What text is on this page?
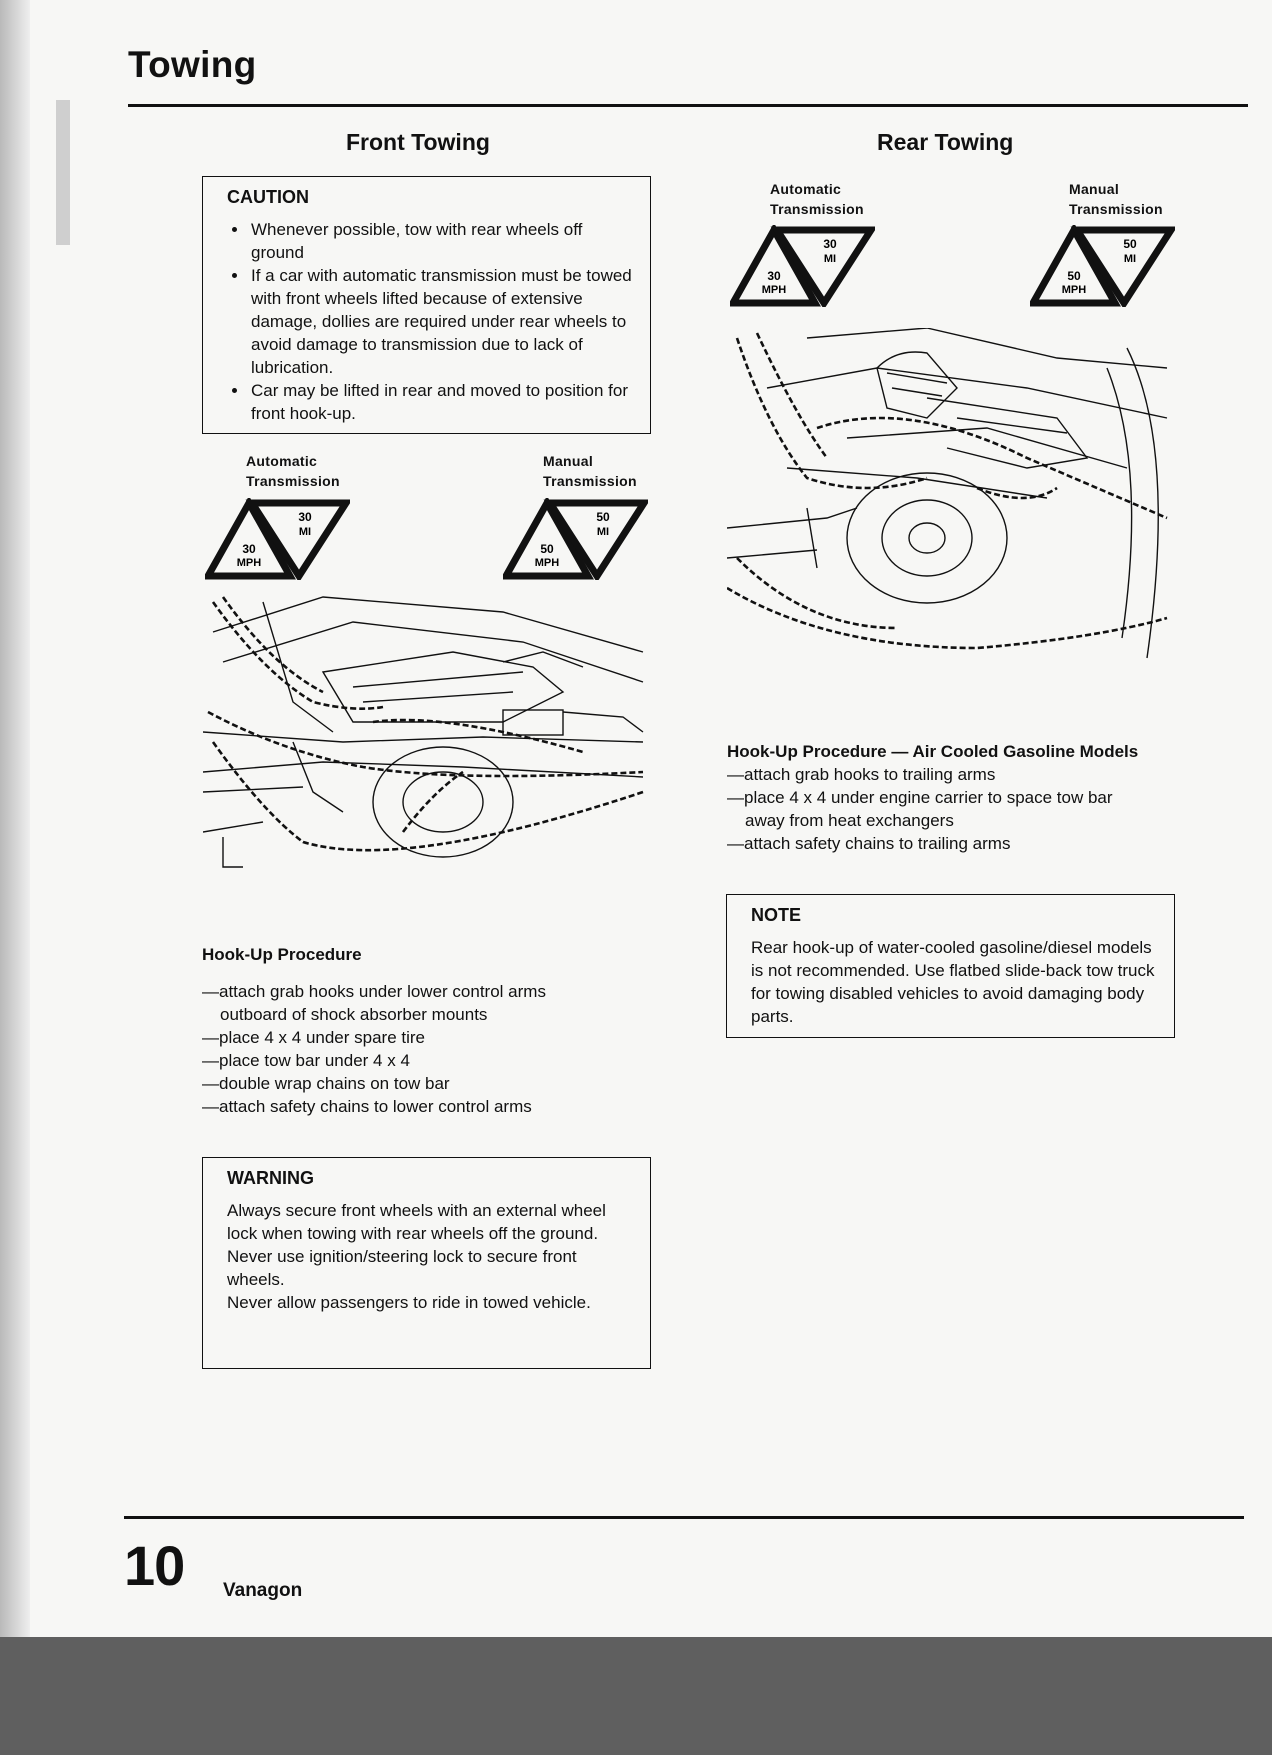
Towing
Front Towing
CAUTION
• Whenever possible, tow with rear wheels off ground
• If a car with automatic transmission must be towed with front wheels lifted because of extensive damage, dollies are required under rear wheels to avoid damage to transmission due to lack of lubrication.
• Car may be lifted in rear and moved to position for front hook-up.
Automatic
Transmission
Manual
Transmission
30
MPH
30
MI
50
MPH
50
MI
Hook-Up Procedure
—attach grab hooks under lower control arms
outboard of shock absorber mounts
—place 4 x 4 under spare tire
—place tow bar under 4 x 4
—double wrap chains on tow bar
—attach safety chains to lower control arms
WARNING

Always secure front wheels with an external wheel lock when towing with rear wheels off the ground.

Never use ignition/steering lock to secure front wheels.

Never allow passengers to ride in towed vehicle.

Rear Towing
Automatic
Transmission
Manual
Transmission
30
MPH
30
MI
50
MPH
50
MI
Hook-Up Procedure — Air Cooled Gasoline Models
—attach grab hooks to trailing arms
—place 4 x 4 under engine carrier to space tow bar
away from heat exchangers
—attach safety chains to trailing arms
NOTE

Rear hook-up of water-cooled gasoline/diesel models is not recommended. Use flatbed slide-back tow truck for towing disabled vehicles to avoid damaging body parts.

10 Vanagon
